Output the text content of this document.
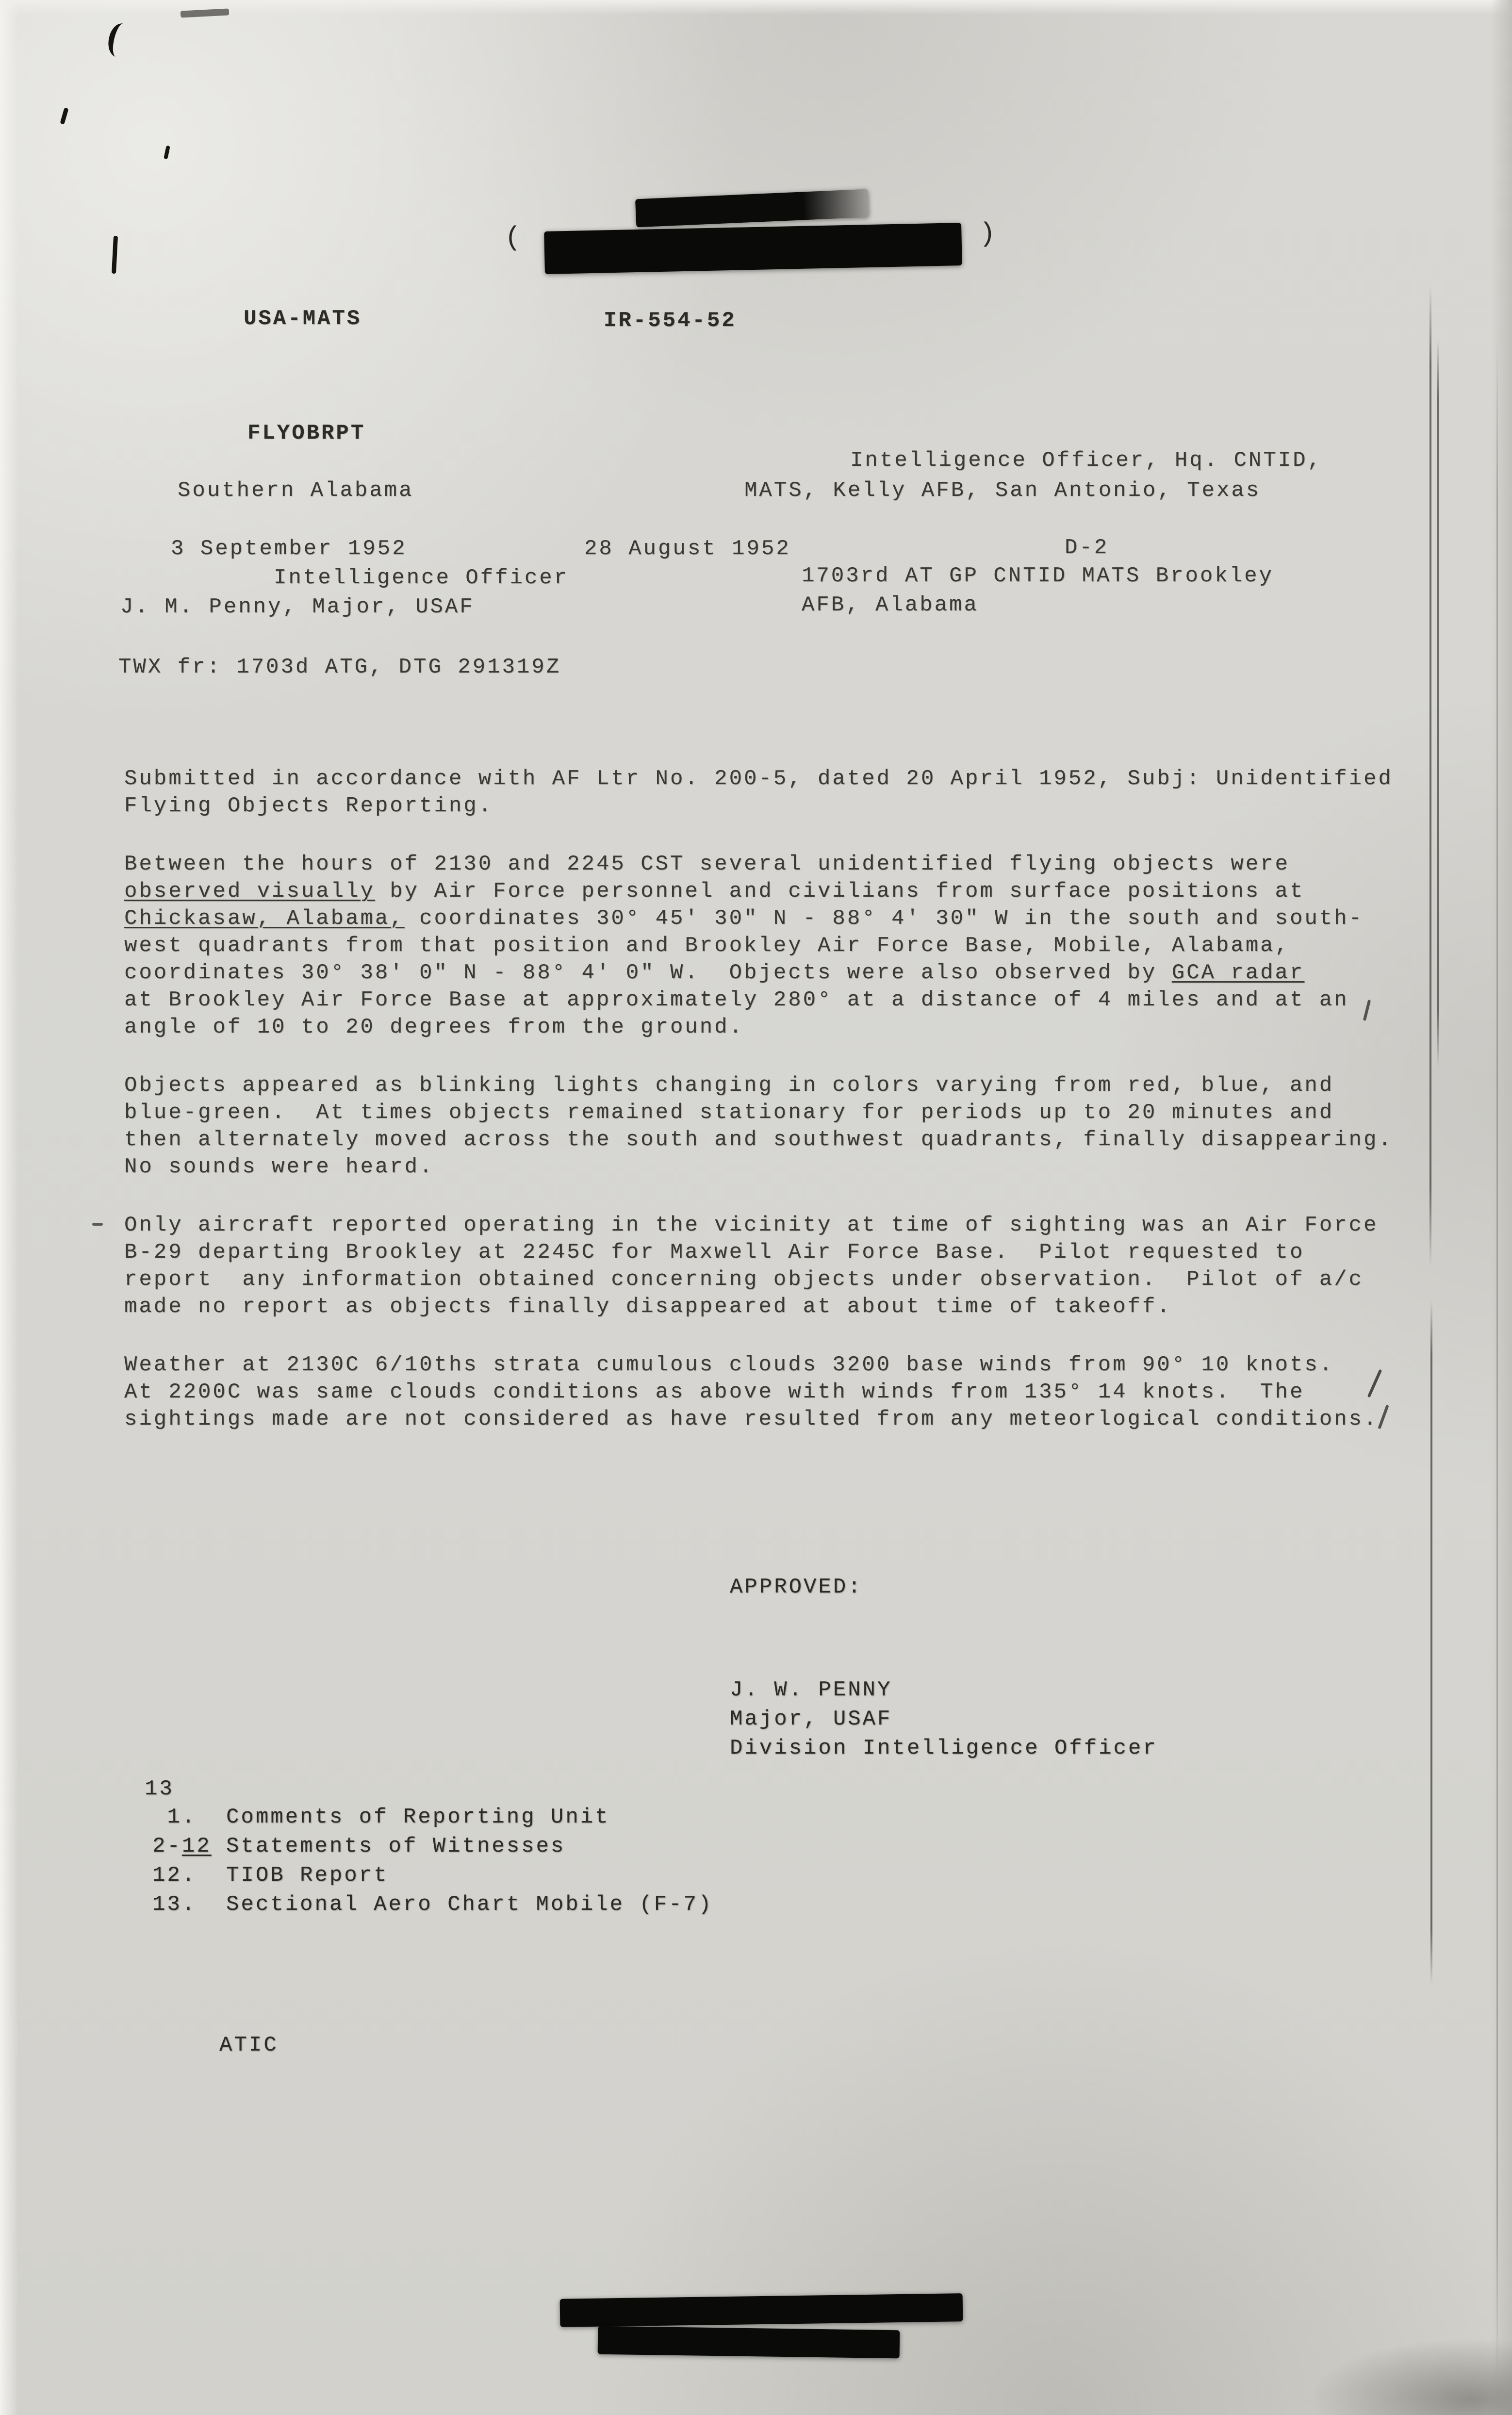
(	)
USA-MATS	IR-554-52
FLYOBRPT
Intelligence Officer, Hq. CNTID,
Southern Alabama	MATS, Kelly AFB, San Antonio, Texas
3 September 1952	28 August 1952	D-2
Intelligence Officer	1703rd AT GP CNTID MATS Brookley
J. M. Penny, Major, USAF	AFB, Alabama
TWX fr: 1703d ATG, DTG 291319Z
Submitted in accordance with AF Ltr No. 200-5, dated 20 April 1952, Subj: Unidentified
Flying Objects Reporting.
Between the hours of 2130 and 2245 CST several unidentified flying objects were
observed visually by Air Force personnel and civilians from surface positions at
Chickasaw, Alabama, coordinates 30° 45' 30" N - 88° 4' 30" W in the south and south-
west quadrants from that position and Brookley Air Force Base, Mobile, Alabama,
coordinates 30° 38' 0" N - 88° 4' 0" W.  Objects were also observed by GCA radar
at Brookley Air Force Base at approximately 280° at a distance of 4 miles and at an
angle of 10 to 20 degrees from the ground.
Objects appeared as blinking lights changing in colors varying from red, blue, and
blue-green.  At times objects remained stationary for periods up to 20 minutes and
then alternately moved across the south and southwest quadrants, finally disappearing.
No sounds were heard.
Only aircraft reported operating in the vicinity at time of sighting was an Air Force
B-29 departing Brookley at 2245C for Maxwell Air Force Base.  Pilot requested to
report  any information obtained concerning objects under observation.  Pilot of a/c
made no report as objects finally disappeared at about time of takeoff.
Weather at 2130C 6/10ths strata cumulous clouds 3200 base winds from 90° 10 knots.
At 2200C was same clouds conditions as above with winds from 135° 14 knots.  The
sightings made are not considered as have resulted from any meteorlogical conditions.
APPROVED:
J. W. PENNY
Major, USAF
Division Intelligence Officer
13
1.  Comments of Reporting Unit
2-12 Statements of Witnesses
12.  TIOB Report
13.  Sectional Aero Chart Mobile (F-7)
ATIC
